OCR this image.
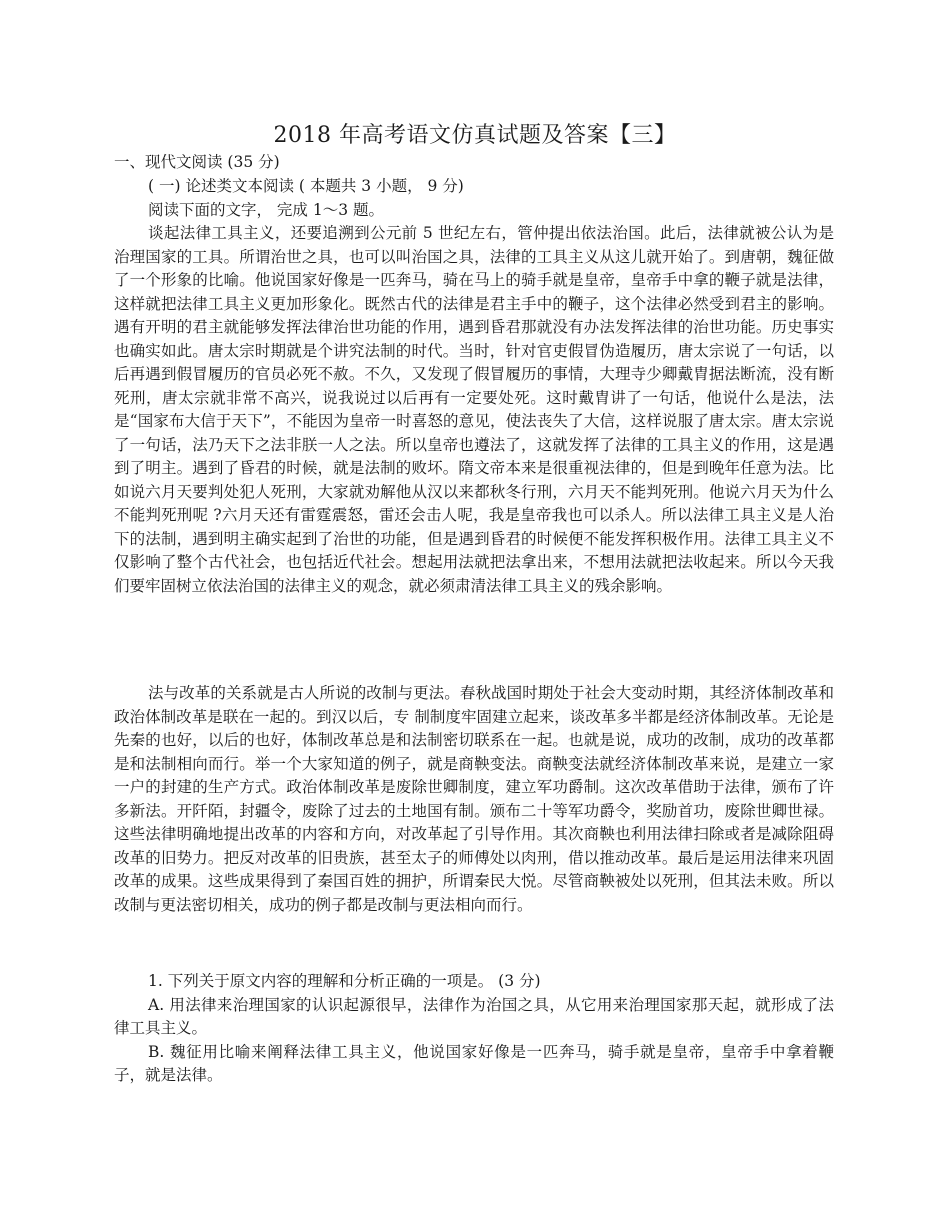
2018 年高考语文仿真试题及答案【三】
一、现代文阅读 (35 分)
( 一) 论述类文本阅读 ( 本题共 3 小题， 9 分)
阅读下面的文字， 完成 1～3 题。

谈起法律工具主义，还要追溯到公元前 5 世纪左右，管仲提出依法治国。此后，法律就被公认为是治理国家的工具。所谓治世之具，也可以叫治国之具，法律的工具主义从这儿就开始了。到唐朝，魏征做了一个形象的比喻。他说国家好像是一匹奔马，骑在马上的骑手就是皇帝，皇帝手中拿的鞭子就是法律，这样就把法律工具主义更加形象化。既然古代的法律是君主手中的鞭子，这个法律必然受到君主的影响。遇有开明的君主就能够发挥法律治世功能的作用，遇到昏君那就没有办法发挥法律的治世功能。历史事实也确实如此。唐太宗时期就是个讲究法制的时代。当时，针对官吏假冒伪造履历，唐太宗说了一句话，以后再遇到假冒履历的官员必死不赦。不久，又发现了假冒履历的事情，大理寺少卿戴胄据法断流，没有断死刑，唐太宗就非常不高兴，说我说过以后再有一定要处死。这时戴胄讲了一句话，他说什么是法，法是“国家布大信于天下”，不能因为皇帝一时喜怒的意见，使法丧失了大信，这样说服了唐太宗。唐太宗说了一句话，法乃天下之法非朕一人之法。所以皇帝也遵法了，这就发挥了法律的工具主义的作用，这是遇到了明主。遇到了昏君的时候，就是法制的败坏。隋文帝本来是很重视法律的，但是到晚年任意为法。比如说六月天要判处犯人死刑，大家就劝解他从汉以来都秋冬行刑，六月天不能判死刑。他说六月天为什么不能判死刑呢 ?六月天还有雷霆震怒，雷还会击人呢，我是皇帝我也可以杀人。所以法律工具主义是人治下的法制，遇到明主确实起到了治世的功能，但是遇到昏君的时候便不能发挥积极作用。法律工具主义不仅影响了整个古代社会，也包括近代社会。想起用法就把法拿出来，不想用法就把法收起来。所以今天我们要牢固树立依法治国的法律主义的观念，就必须肃清法律工具主义的残余影响。

法与改革的关系就是古人所说的改制与更法。春秋战国时期处于社会大变动时期，其经济体制改革和政治体制改革是联在一起的。到汉以后，专 制制度牢固建立起来，谈改革多半都是经济体制改革。无论是先秦的也好，以后的也好，体制改革总是和法制密切联系在一起。也就是说，成功的改制，成功的改革都是和法制相向而行。举一个大家知道的例子，就是商鞅变法。商鞅变法就经济体制改革来说，是建立一家一户的封建的生产方式。政治体制改革是废除世卿制度，建立军功爵制。这次改革借助于法律，颁布了许多新法。开阡陌，封疆令，废除了过去的土地国有制。颁布二十等军功爵令，奖励首功，废除世卿世禄。这些法律明确地提出改革的内容和方向，对改革起了引导作用。其次商鞅也利用法律扫除或者是减除阻碍改革的旧势力。把反对改革的旧贵族，甚至太子的师傅处以肉刑，借以推动改革。最后是运用法律来巩固改革的成果。这些成果得到了秦国百姓的拥护，所谓秦民大悦。尽管商鞅被处以死刑，但其法未败。所以改制与更法密切相关，成功的例子都是改制与更法相向而行。

1. 下列关于原文内容的理解和分析正确的一项是。 (3 分)
A. 用法律来治理国家的认识起源很早，法律作为治国之具，从它用来治理国家那天起，就形成了法律工具主义。
B. 魏征用比喻来阐释法律工具主义，他说国家好像是一匹奔马，骑手就是皇帝，皇帝手中拿着鞭子，就是法律。
